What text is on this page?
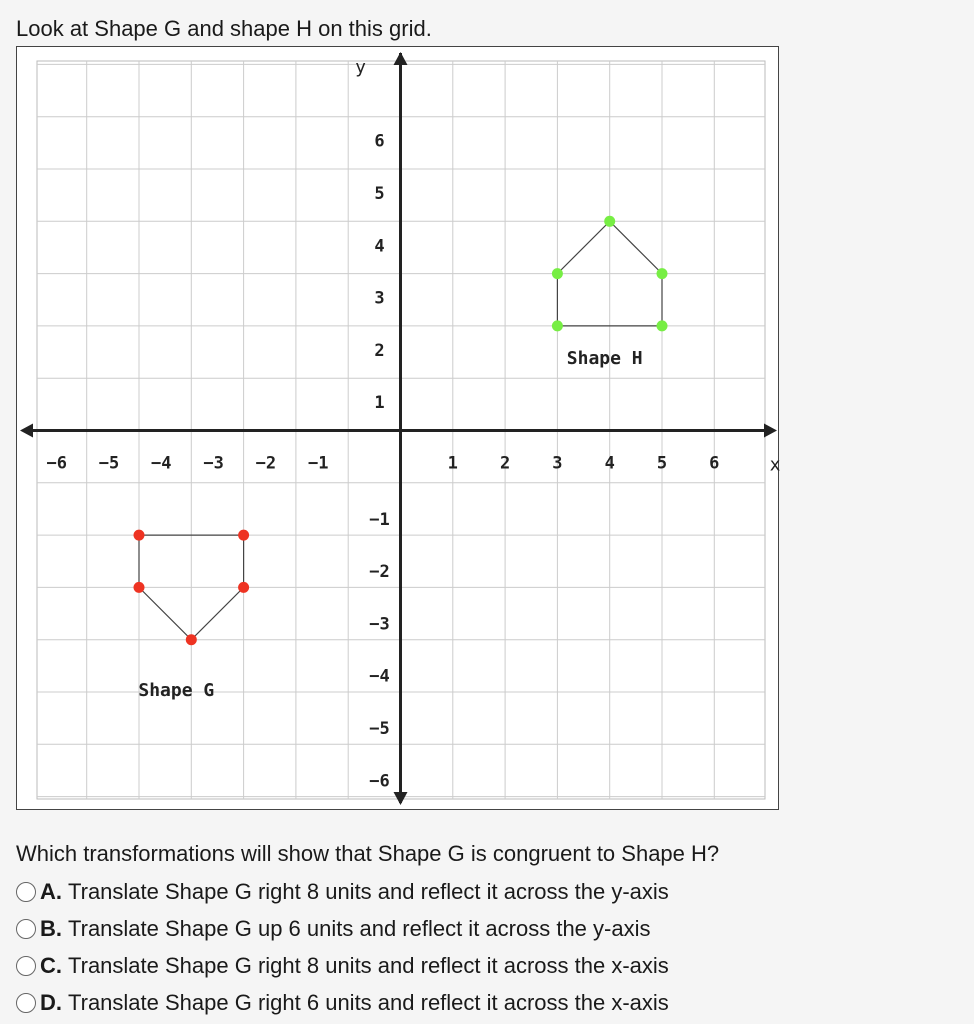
Look at Shape G and shape H on this grid.
y
x
−6 −5 −4 −3 −2 −1	1 2 3 4 5 6
6
5
4
3
2
1
−1
−2
−3
−4
−5
−6
Shape G
Shape H
Which transformations will show that Shape G is congruent to Shape H?
A. Translate Shape G right 8 units and reflect it across the y-axis
B. Translate Shape G up 6 units and reflect it across the y-axis
C. Translate Shape G right 8 units and reflect it across the x-axis
D. Translate Shape G right 6 units and reflect it across the x-axis
